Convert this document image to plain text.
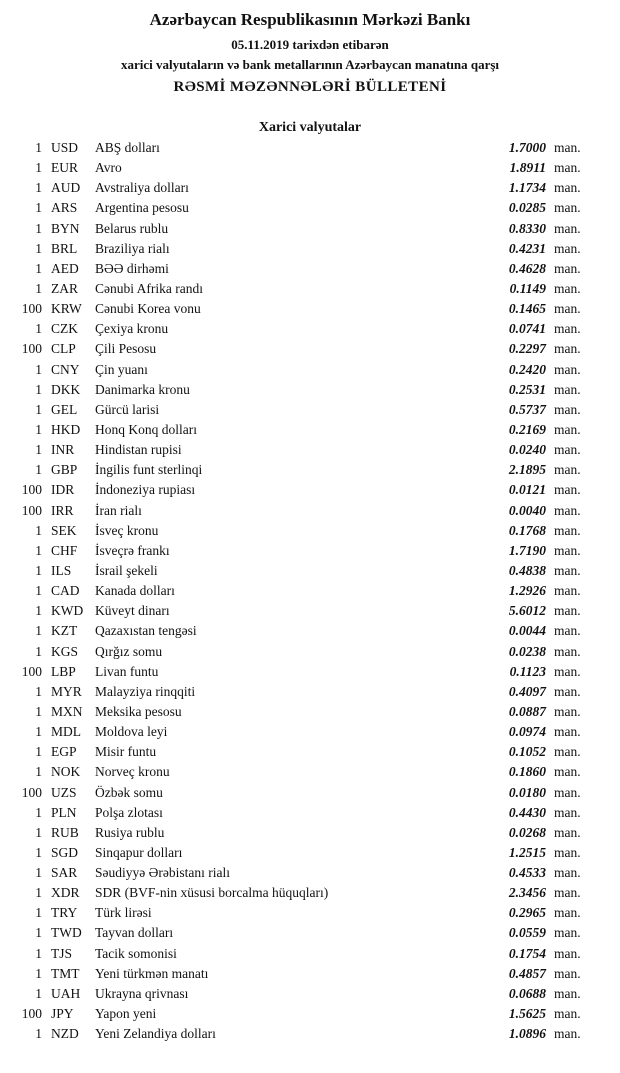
Azərbaycan Respublikasının Mərkəzi Bankı
05.11.2019 tarixdən etibarən
xarici valyutaların və bank metallarının Azərbaycan manatına qarşı
RƏSMİ MƏZƏNNƏLƏRİ BÜLLETENİ
Xarici valyutalar
1 USD	ABŞ dolları	1.7000 man.
1 EUR	Avro	1.8911 man.
1 AUD	Avstraliya dolları	1.1734 man.
1 ARS	Argentina pesosu	0.0285 man.
1 BYN	Belarus rublu	0.8330 man.
1 BRL	Braziliya rialı	0.4231 man.
1 AED	BƏƏ dirhəmi	0.4628 man.
1 ZAR	Cənubi Afrika randı	0.1149 man.
100 KRW Cənubi Korea vonu	0.1465 man.
1 CZK	Çexiya kronu	0.0741 man.
100 CLP	Çili Pesosu	0.2297 man.
1 CNY	Çin yuanı	0.2420 man.
1 DKK	Danimarka kronu	0.2531 man.
1 GEL	Gürcü larisi	0.5737 man.
1 HKD	Honq Konq dolları	0.2169 man.
1 INR	Hindistan rupisi	0.0240 man.
1 GBP	İngilis funt sterlinqi	2.1895 man.
100 IDR	İndoneziya rupiası	0.0121 man.
100 IRR	İran rialı	0.0040 man.
1 SEK	İsveç kronu	0.1768 man.
1 CHF	İsveçrə frankı	1.7190 man.
1 ILS	İsrail şekeli	0.4838 man.
1 CAD	Kanada dolları	1.2926 man.
1 KWD Küveyt dinarı	5.6012 man.
1 KZT	Qazaxıstan tengəsi	0.0044 man.
1 KGS	Qırğız somu	0.0238 man.
100 LBP	Livan funtu	0.1123 man.
1 MYR Malayziya rinqqiti	0.4097 man.
1 MXN Meksika pesosu	0.0887 man.
1 MDL	Moldova leyi	0.0974 man.
1 EGP	Misir funtu	0.1052 man.
1 NOK	Norveç kronu	0.1860 man.
100 UZS	Özbək somu	0.0180 man.
1 PLN	Polşa zlotası	0.4430 man.
1 RUB	Rusiya rublu	0.0268 man.
1 SGD	Sinqapur dolları	1.2515 man.
1 SAR	Səudiyyə Ərəbistanı rialı	0.4533 man.
1 XDR	SDR (BVF-nin xüsusi borcalma hüquqları)	2.3456 man.
1 TRY	Türk lirəsi	0.2965 man.
1 TWD Tayvan dolları	0.0559 man.
1 TJS	Tacik somonisi	0.1754 man.
1 TMT	Yeni türkmən manatı	0.4857 man.
1 UAH	Ukrayna qrivnası	0.0688 man.
100 JPY	Yapon yeni	1.5625 man.
1 NZD	Yeni Zelandiya dolları	1.0896 man.
